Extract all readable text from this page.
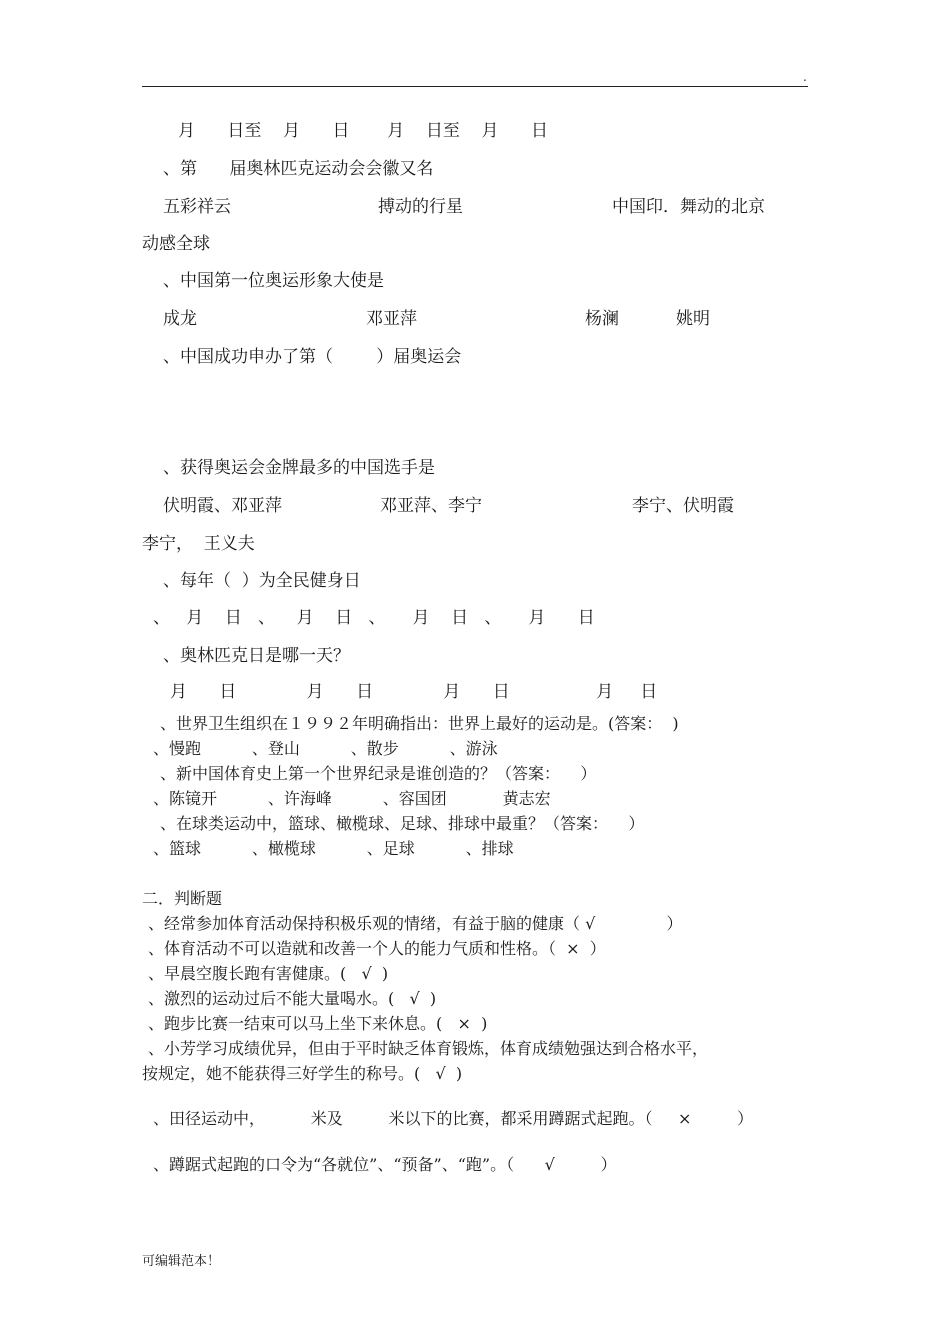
.
月      日至    月      日       月    日至    月      日
、第      届奥林匹克运动会会徽又名
五彩祥云	搏动的行星	中国印．舞动的北京
动感全球
、中国第一位奥运形象大使是
成龙	邓亚萍	杨澜	姚明
、中国成功申办了第（        ）届奥运会
、获得奥运会金牌最多的中国选手是
伏明霞、邓亚萍	邓亚萍、李宁	李宁、伏明霞
李宁，  王义夫
、每年（  ）为全民健身日
、   月    日   、    月    日   、     月    日   、     月      日
、奥林匹克日是哪一天？
月      日             月      日             月      日                月     日
、世界卫生组织在１９９２年明确指出：世界上最好的运动是。(答案：  )
、慢跑          、登山          、散步          、游泳
、新中国体育史上第一个世界纪录是谁创造的？（答案：    ）
、陈镜开          、许海峰          、容国团           黄志宏
、在球类运动中，篮球、橄榄球、足球、排球中最重？（答案：    ）
、篮球          、橄榄球          、足球          、排球
二．判断题
、经常参加体育活动保持积极乐观的情绪，有益于脑的健康（ √              ）
、体育活动不可以造就和改善一个人的能力气质和性格。（  ×  ）
、早晨空腹长跑有害健康。(   √  )
、激烈的运动过后不能大量喝水。(   √  )
、跑步比赛一结束可以马上坐下来休息。(   ×  )
、小芳学习成绩优异，但由于平时缺乏体育锻炼，体育成绩勉强达到合格水平，
按规定，她不能获得三好学生的称号。(   √  )
、田径运动中，         米及         米以下的比赛，都采用蹲踞式起跑。（     ×         ）
、蹲踞式起跑的口令为“各就位”、“预备”、“跑”。（      √         ）
可编辑范本！
